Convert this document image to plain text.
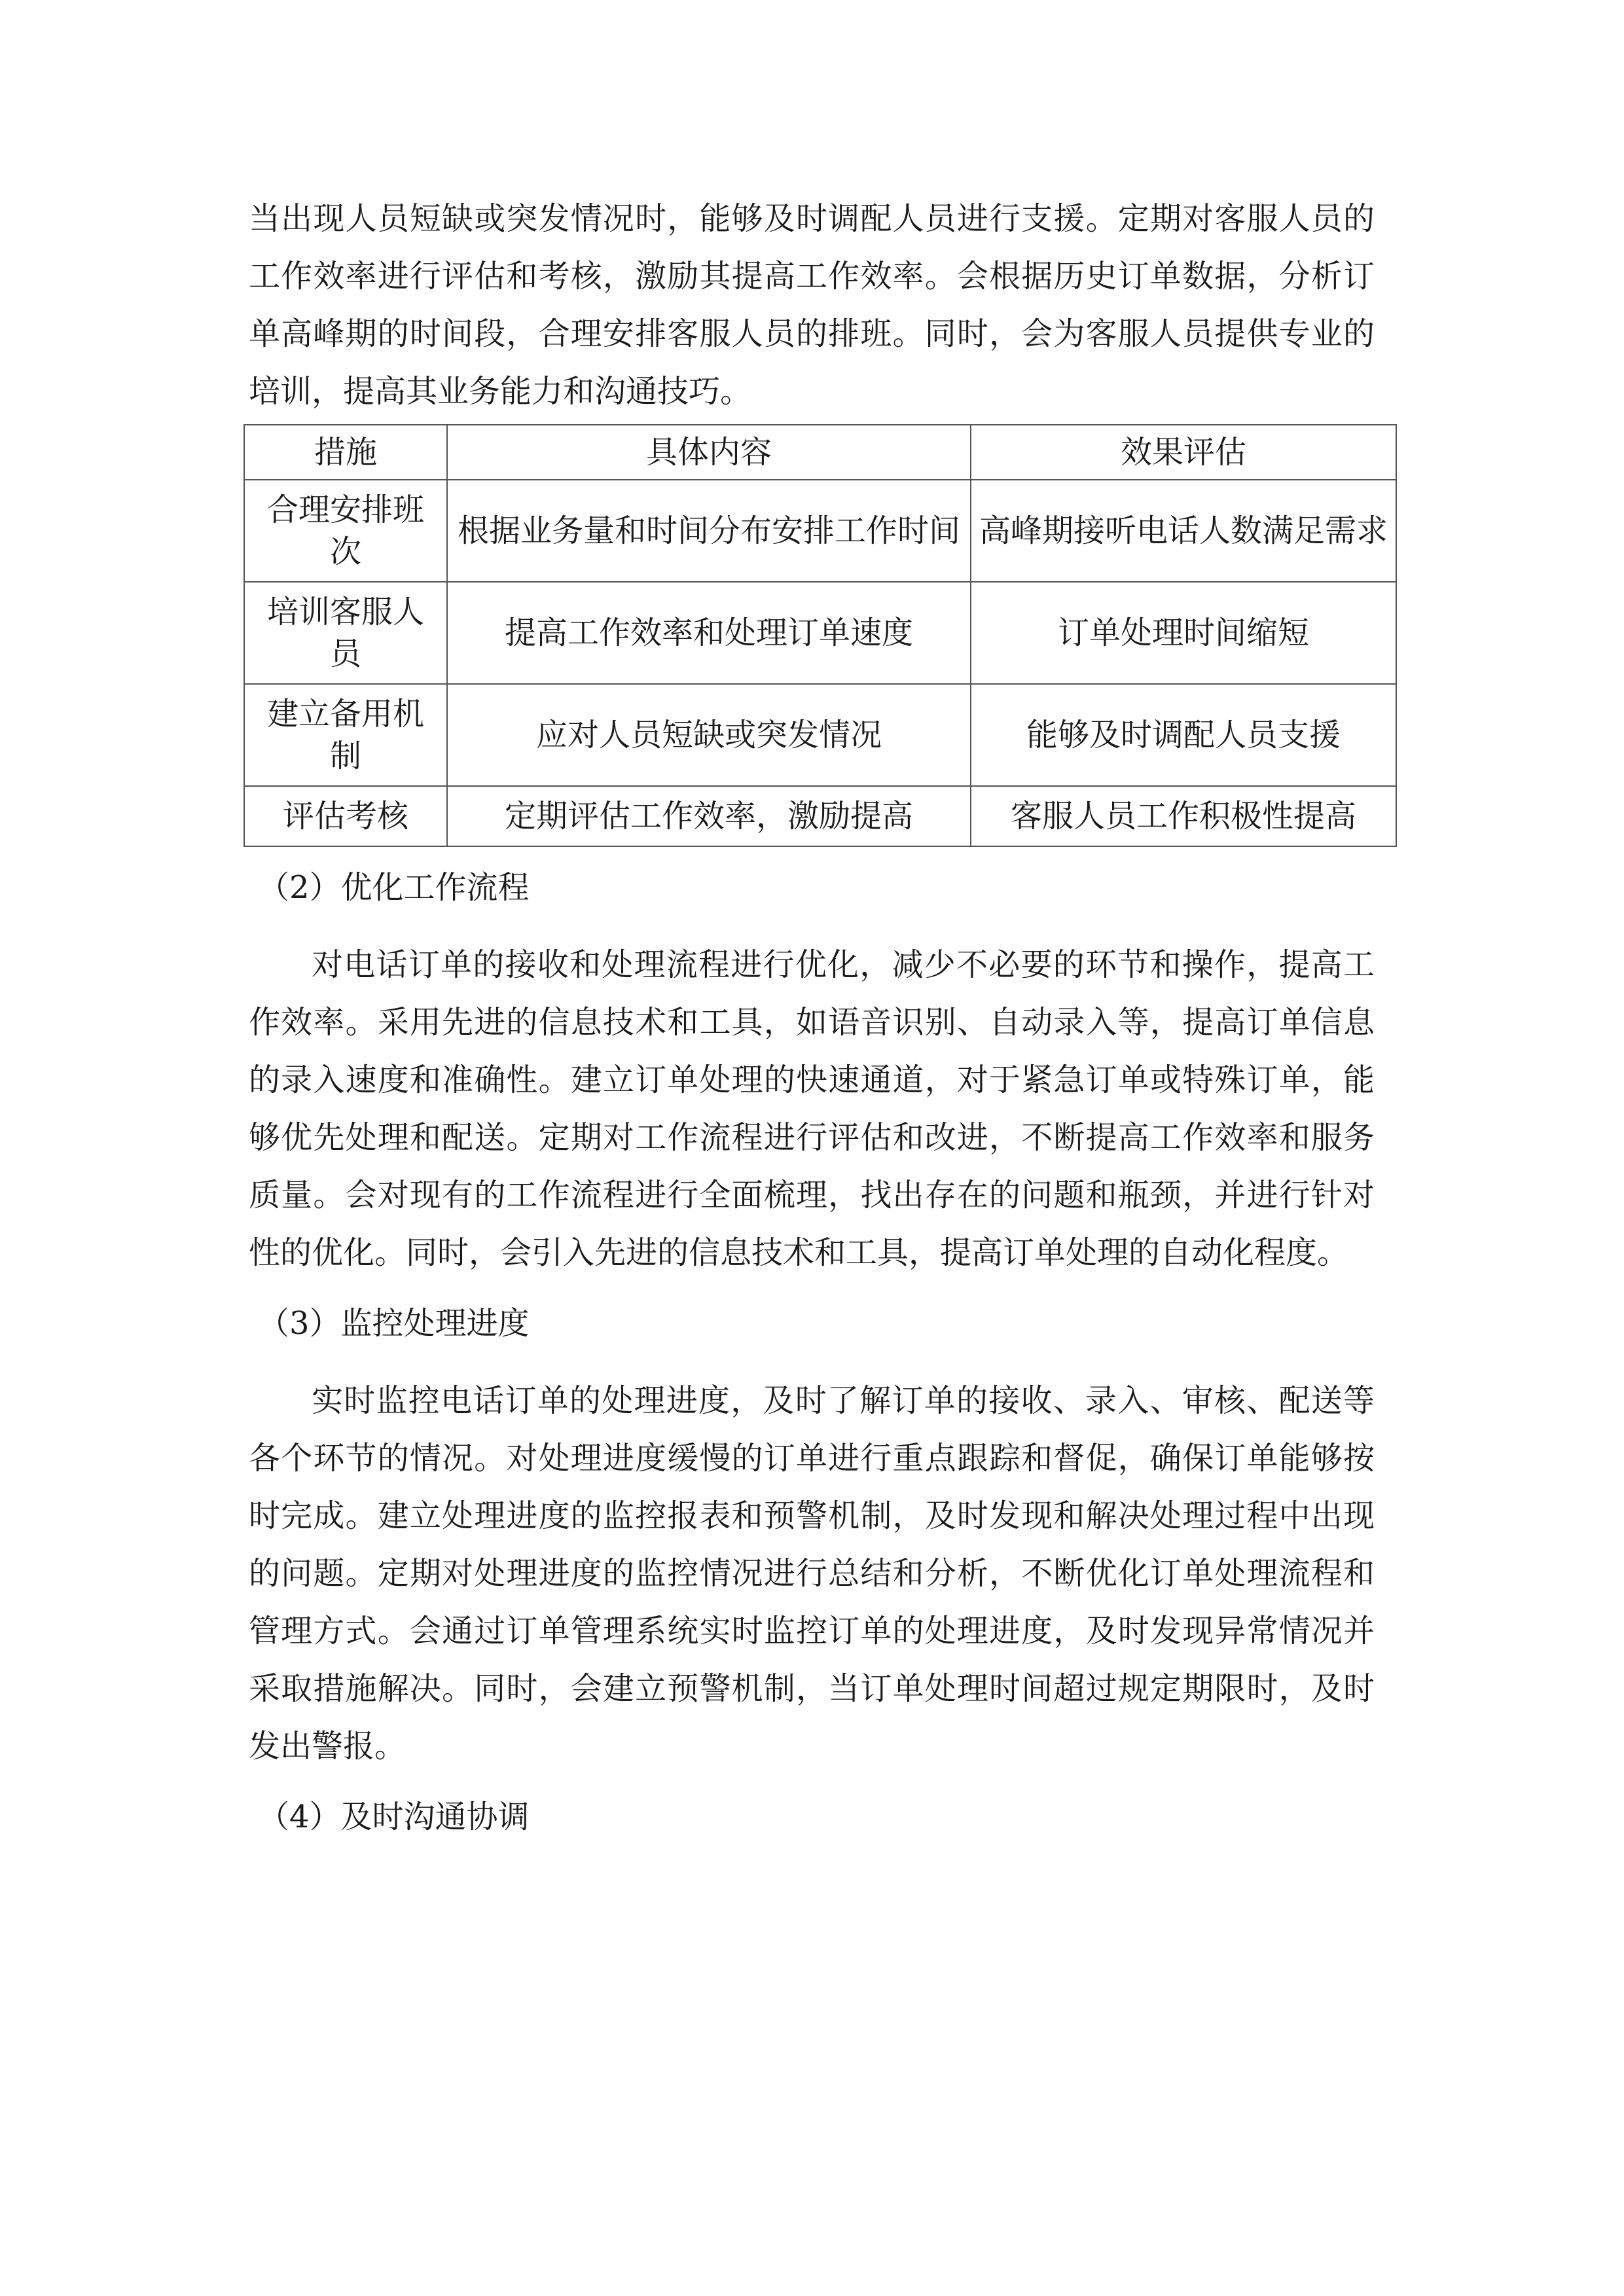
当出现人员短缺或突发情况时，能够及时调配人员进行支援。定期对客服人员的工作效率进行评估和考核，激励其提高工作效率。会根据历史订单数据，分析订单高峰期的时间段，合理安排客服人员的排班。同时，会为客服人员提供专业的培训，提高其业务能力和沟通技巧。

措施	具体内容	效果评估
合理安排班次	根据业务量和时间分布安排工作时间	高峰期接听电话人数满足需求
培训客服人员	提高工作效率和处理订单速度	订单处理时间缩短
建立备用机制	应对人员短缺或突发情况	能够及时调配人员支援
评估考核	定期评估工作效率，激励提高	客服人员工作积极性提高
（2）优化工作流程

对电话订单的接收和处理流程进行优化，减少不必要的环节和操作，提高工作效率。采用先进的信息技术和工具，如语音识别、自动录入等，提高订单信息的录入速度和准确性。建立订单处理的快速通道，对于紧急订单或特殊订单，能够优先处理和配送。定期对工作流程进行评估和改进，不断提高工作效率和服务质量。会对现有的工作流程进行全面梳理，找出存在的问题和瓶颈，并进行针对性的优化。同时，会引入先进的信息技术和工具，提高订单处理的自动化程度。

（3）监控处理进度

实时监控电话订单的处理进度，及时了解订单的接收、录入、审核、配送等各个环节的情况。对处理进度缓慢的订单进行重点跟踪和督促，确保订单能够按时完成。建立处理进度的监控报表和预警机制，及时发现和解决处理过程中出现的问题。定期对处理进度的监控情况进行总结和分析，不断优化订单处理流程和管理方式。会通过订单管理系统实时监控订单的处理进度，及时发现异常情况并采取措施解决。同时，会建立预警机制，当订单处理时间超过规定期限时，及时发出警报。

（4）及时沟通协调
